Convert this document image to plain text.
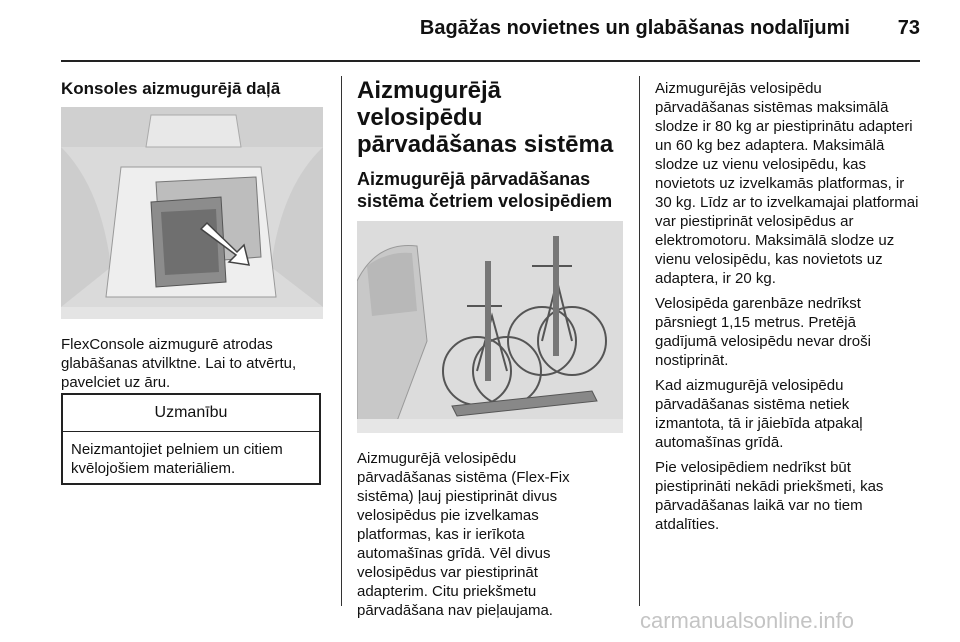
Bagāžas novietnes un glabāšanas nodalījumi	73
Konsoles aizmugurējā daļā

FlexConsole aizmugurē atrodas glabāšanas atvilktne. Lai to atvērtu, pavelciet uz āru.

Uzmanību
Neizmantojiet pelniem un citiem kvēlojošiem materiāliem.
Aizmugurējā velosipēdu pārvadāšanas sistēma
Aizmugurējā pārvadāšanas sistēma četriem velosipēdiem

Aizmugurējā velosipēdu pārvadāšanas sistēma (Flex-Fix sistēma) ļauj piestiprināt divus velosipēdus pie izvelkamas platformas, kas ir ierīkota automašīnas grīdā. Vēl divus velosipēdus var piestiprināt adapterim. Citu priekšmetu pārvadāšana nav pieļaujama.

Aizmugurējās velosipēdu pārvadāšanas sistēmas maksimālā slodze ir 80 kg ar piestiprinātu adapteri un 60 kg bez adaptera. Maksimālā slodze uz vienu velosipēdu, kas novietots uz izvelkamās platformas, ir 30 kg. Līdz ar to izvelkamajai platformai var piestiprināt velosipēdus ar elektromotoru. Maksimālā slodze uz vienu velosipēdu, kas novietots uz adaptera, ir 20 kg.

Velosipēda garenbāze nedrīkst pārsniegt 1,15 metrus. Pretējā gadījumā velosipēdu nevar droši nostiprināt.

Kad aizmugurējā velosipēdu pārvadāšanas sistēma netiek izmantota, tā ir jāiebīda atpakaļ automašīnas grīdā.

Pie velosipēdiem nedrīkst būt piestiprināti nekādi priekšmeti, kas pārvadāšanas laikā var no tiem atdalīties.

carmanualsonline.info
